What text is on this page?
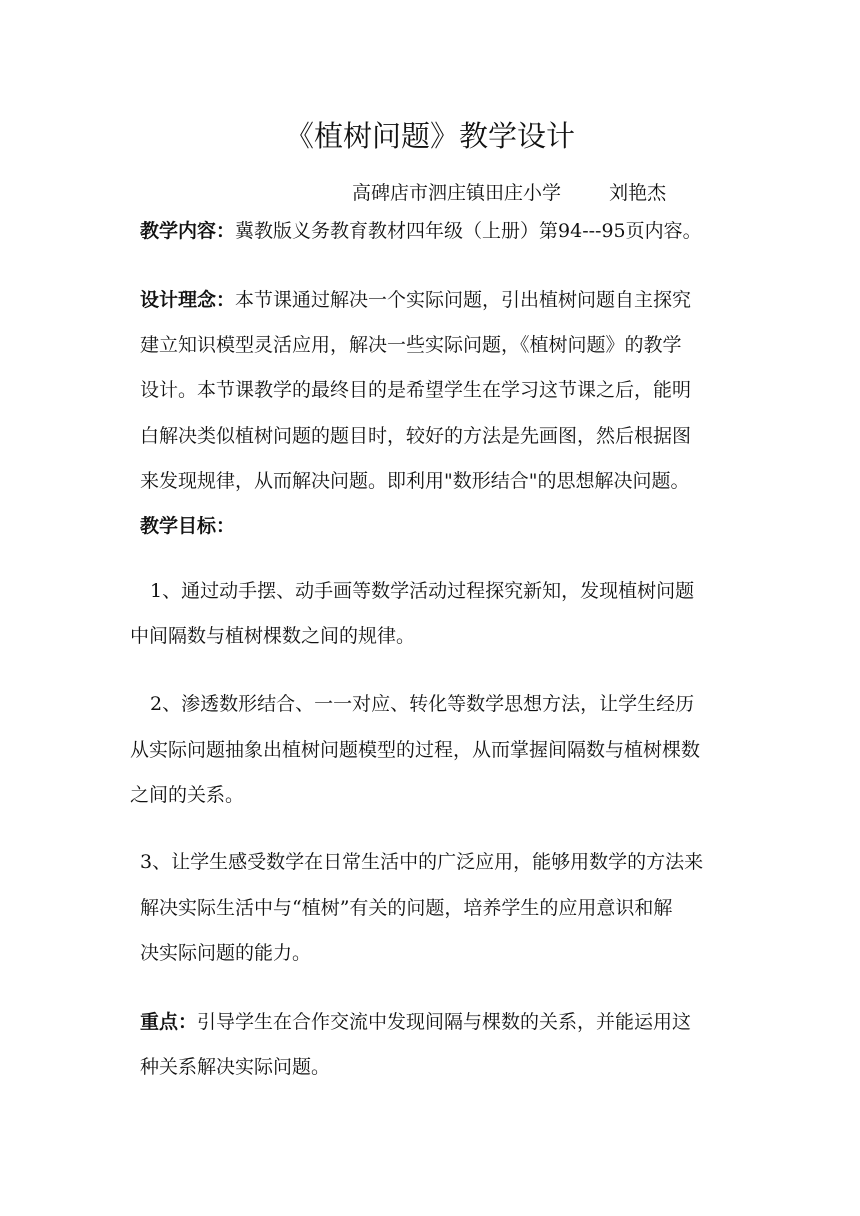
《植树问题》教学设计
高碑店市泗庄镇田庄小学	刘艳杰
教学内容：冀教版义务教育教材四年级（上册）第94---95页内容。
设计理念：本节课通过解决一个实际问题，引出植树问题自主探究
建立知识模型灵活应用，解决一些实际问题，《植树问题》的教学
设计。本节课教学的最终目的是希望学生在学习这节课之后，能明
白解决类似植树问题的题目时，较好的方法是先画图，然后根据图
来发现规律，从而解决问题。即利用"数形结合"的思想解决问题。
教学目标：
1、通过动手摆、动手画等数学活动过程探究新知，发现植树问题
中间隔数与植树棵数之间的规律。
2、渗透数形结合、一一对应、转化等数学思想方法，让学生经历
从实际问题抽象出植树问题模型的过程，从而掌握间隔数与植树棵数
之间的关系。
3、让学生感受数学在日常生活中的广泛应用，能够用数学的方法来
解决实际生活中与“植树”有关的问题，培养学生的应用意识和解
决实际问题的能力。
重点：引导学生在合作交流中发现间隔与棵数的关系，并能运用这
种关系解决实际问题。
